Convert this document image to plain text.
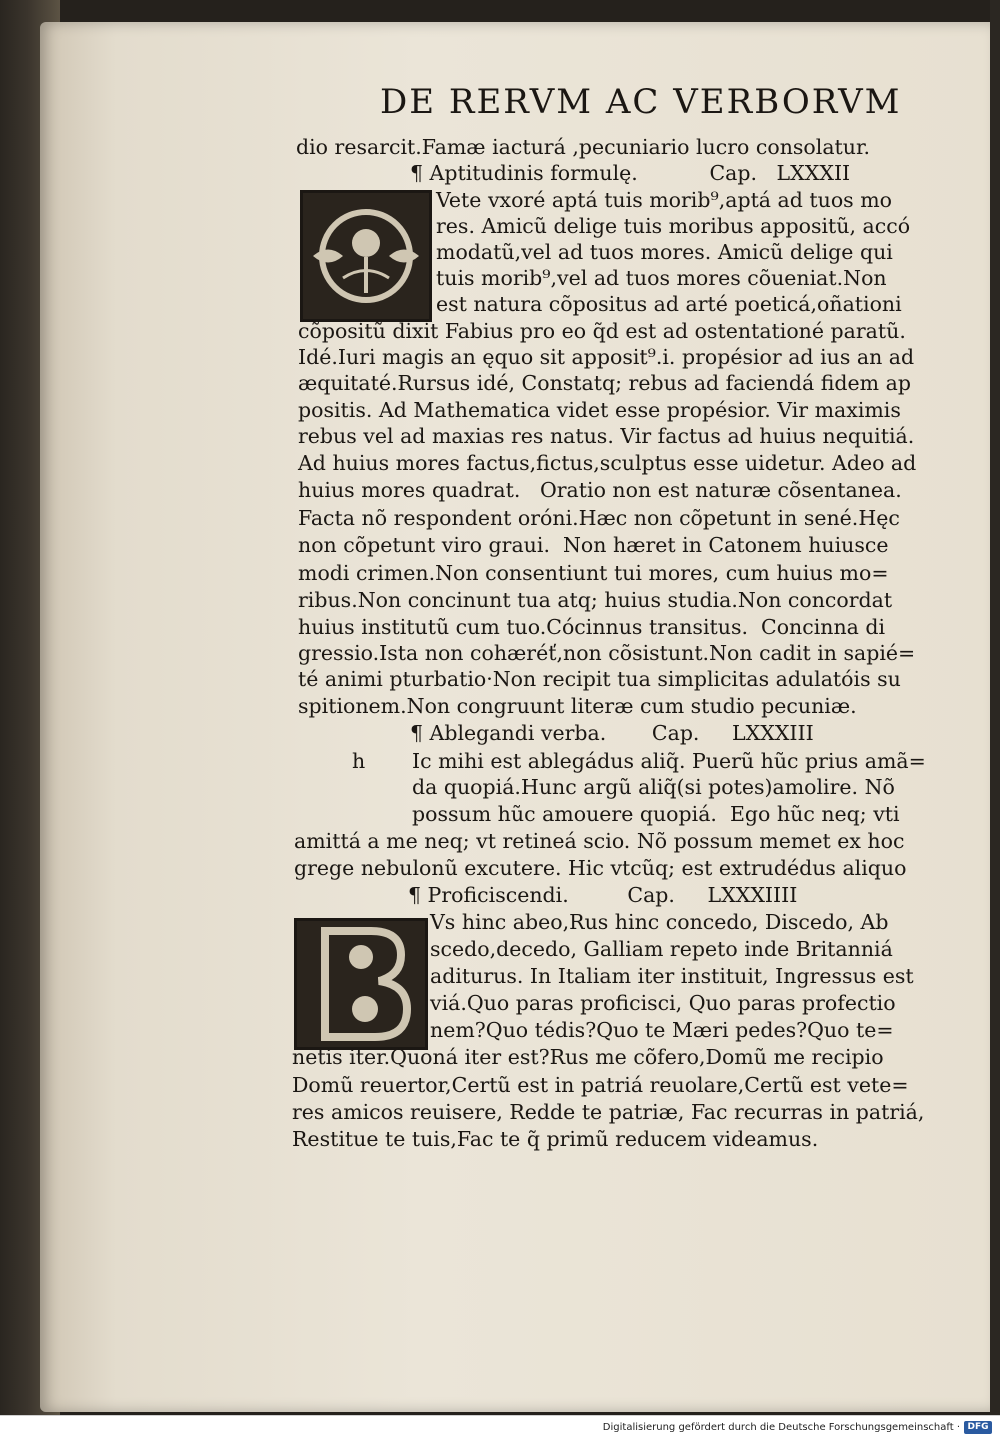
DE RERVM AC VERBORVM
dio resarcit.Famæ iacturá ,pecuniario lucro consolatur.
¶ Aptitudinis formulę.           Cap.   LXXXII
Vete vxoré aptá tuis morib⁹,aptá ad tuos mo
res. Amicũ delige tuis moribus appositũ, accó
modatũ,vel ad tuos mores. Amicũ delige qui
tuis morib⁹,vel ad tuos mores cõueniat.Non
est natura cõpositus ad arté poeticá,oñationi
cõpositũ dixit Fabius pro eo q̃d est ad ostentationé paratũ.
Idé.Iuri magis an ęquo sit apposit⁹.i. propésior ad ius an ad
æquitaté.Rursus idé, Constatq; rebus ad faciendá fidem ap
positis. Ad Mathematica videt esse propésior. Vir maximis
rebus vel ad maxias res natus. Vir factus ad huius nequitiá.
Ad huius mores factus,fictus,sculptus esse uidetur. Adeo ad
huius mores quadrat.   Oratio non est naturæ cõsentanea.
Facta nõ respondent oróni.Hæc non cõpetunt in sené.Hęc
non cõpetunt viro graui.  Non hæret in Catonem huiusce
modi crimen.Non consentiunt tui mores, cum huius mo=
ribus.Non concinunt tua atq; huius studia.Non concordat
huius institutũ cum tuo.Cócinnus transitus.  Concinna di
gressio.Ista non cohæréť,non cõsistunt.Non cadit in sapié=
té animi pturbatio·Non recipit tua simplicitas adulatóis su
spitionem.Non congruunt literæ cum studio pecuniæ.
¶ Ablegandi verba.       Cap.     LXXXIII
h Ic mihi est ablegádus aliq̃. Puerũ hũc prius amã=
da quopiá.Hunc argũ aliq̃(si potes)amolire. Nõ
possum hũc amouere quopiá.  Ego hũc neq; vti
amittá a me neq; vt retineá scio. Nõ possum memet ex hoc
grege nebulonũ excutere. Hic vtcũq; est extrudédus aliquo
¶ Proficiscendi.         Cap.     LXXXIIII
Vs hinc abeo,Rus hinc concedo, Discedo, Ab
scedo,decedo, Galliam repeto inde Britanniá
aditurus. In Italiam iter instituit, Ingressus est
viá.Quo paras proficisci, Quo paras profectio
nem?Quo tédis?Quo te Mæri pedes?Quo te=
netis iter.Quoná iter est?Rus me cõfero,Domũ me recipio
Domũ reuertor,Certũ est in patriá reuolare,Certũ est vete=
res amicos reuisere, Redde te patriæ, Fac recurras in patriá,
Restitue te tuis,Fac te q̃ primũ reducem videamus.
Digitalisierung gefördert durch die Deutsche Forschungsgemeinschaft · DFG
